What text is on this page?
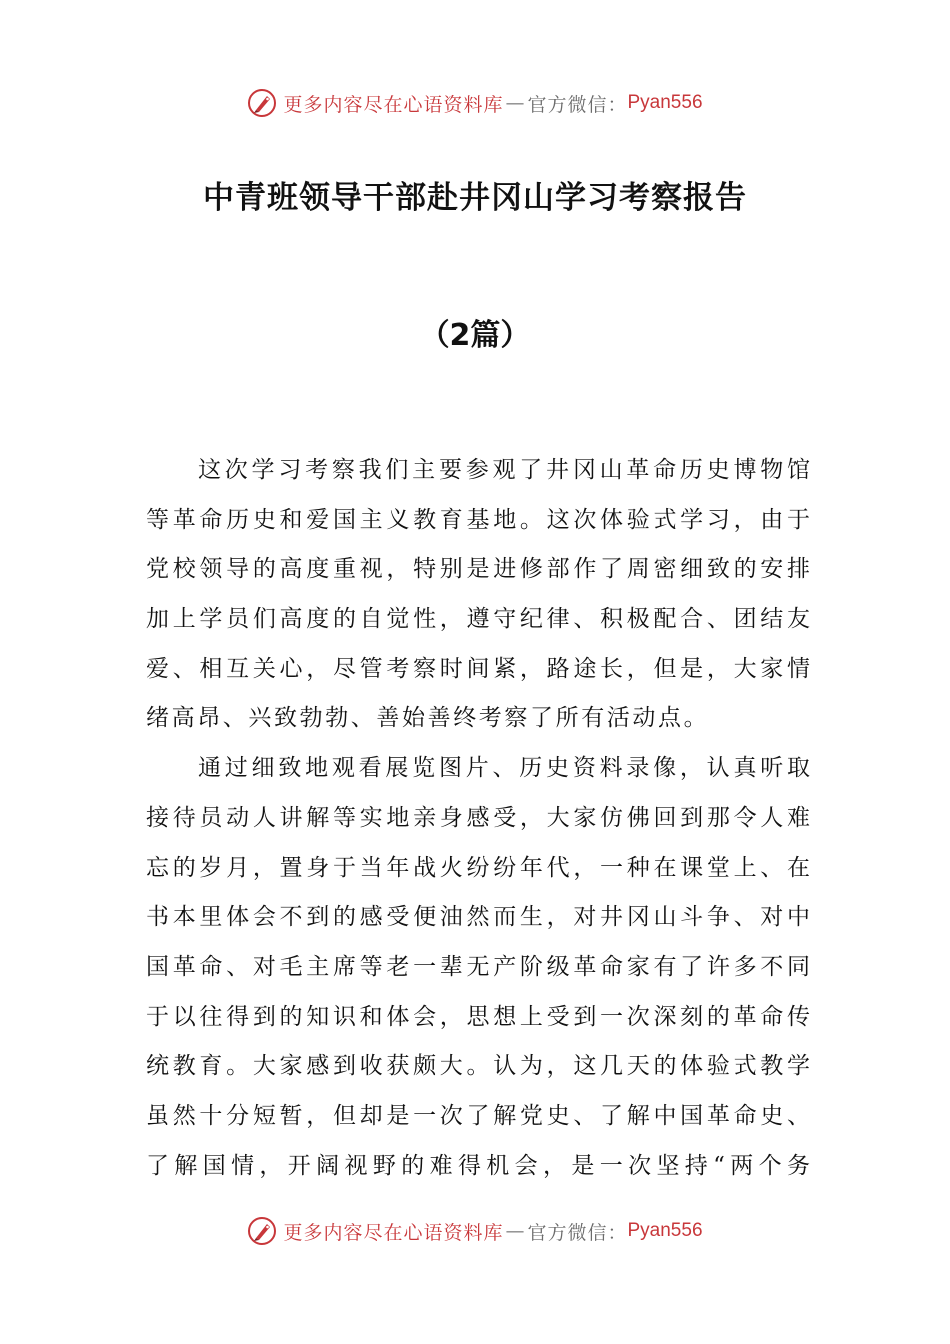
更多内容尽在心语资料库 — 官方微信： Pyan556
中青班领导干部赴井冈山学习考察报告
（2篇）
这次学习考察我们主要参观了井冈山革命历史博物馆
等革命历史和爱国主义教育基地。这次体验式学习，由于
党校领导的高度重视，特别是进修部作了周密细致的安排
加上学员们高度的自觉性，遵守纪律、积极配合、团结友
爱、相互关心，尽管考察时间紧，路途长，但是，大家情
绪高昂、兴致勃勃、善始善终考察了所有活动点。
通过细致地观看展览图片、历史资料录像，认真听取
接待员动人讲解等实地亲身感受，大家仿佛回到那令人难
忘的岁月，置身于当年战火纷纷年代，一种在课堂上、在
书本里体会不到的感受便油然而生，对井冈山斗争、对中
国革命、对毛主席等老一辈无产阶级革命家有了许多不同
于以往得到的知识和体会，思想上受到一次深刻的革命传
统教育。大家感到收获颇大。认为，这几天的体验式教学
虽然十分短暂，但却是一次了解党史、了解中国革命史、
了解国情，开阔视野的难得机会，是一次坚持“两个务
更多内容尽在心语资料库 — 官方微信： Pyan556
